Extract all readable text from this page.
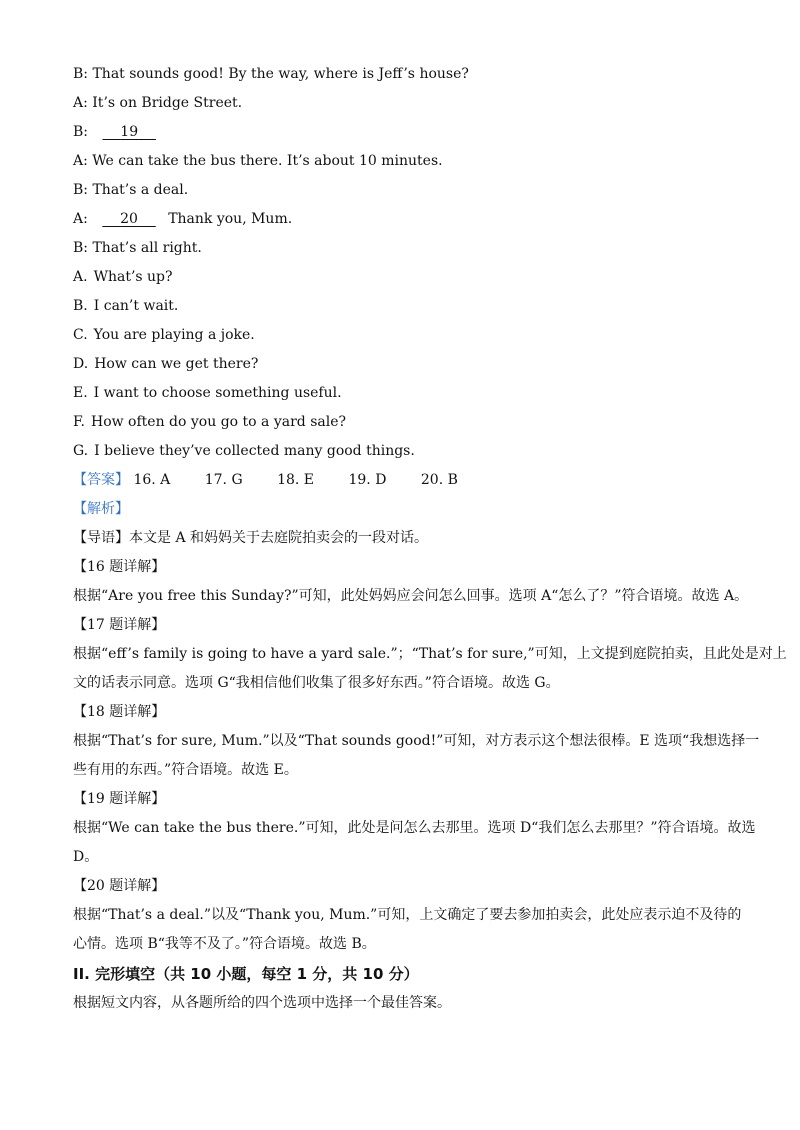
B: That sounds good! By the way, where is Jeff’s house?
A: It’s on Bridge Street.
B: 19
A: We can take the bus there. It’s about 10 minutes.
B: That’s a deal.
A: 20 Thank you, Mum.
B: That’s all right.
A. What’s up?
B. I can’t wait.
C. You are playing a joke.
D. How can we get there?
E. I want to choose something useful.
F. How often do you go to a yard sale?
G. I believe they’ve collected many good things.
【答案】 16. A 17. G 18. E 19. D 20. B
【解析】
【导语】本文是 A 和妈妈关于去庭院拍卖会的一段对话。
【16 题详解】
根据“Are you free this Sunday?”可知，此处妈妈应会问怎么回事。选项 A“怎么了？”符合语境。故选 A。
【17 题详解】
根据“eff’s family is going to have a yard sale.”；“That’s for sure,”可知，上文提到庭院拍卖，且此处是对上
文的话表示同意。选项 G“我相信他们收集了很多好东西。”符合语境。故选 G。
【18 题详解】
根据“That’s for sure, Mum.”以及“That sounds good!”可知，对方表示这个想法很棒。E 选项“我想选择一
些有用的东西。”符合语境。故选 E。
【19 题详解】
根据“We can take the bus there.”可知，此处是问怎么去那里。选项 D“我们怎么去那里？”符合语境。故选
D。
【20 题详解】
根据“That’s a deal.”以及“Thank you, Mum.”可知，上文确定了要去参加拍卖会，此处应表示迫不及待的
心情。选项 B“我等不及了。”符合语境。故选 B。
II. 完形填空（共 10 小题，每空 1 分，共 10 分）
根据短文内容，从各题所给的四个选项中选择一个最佳答案。
